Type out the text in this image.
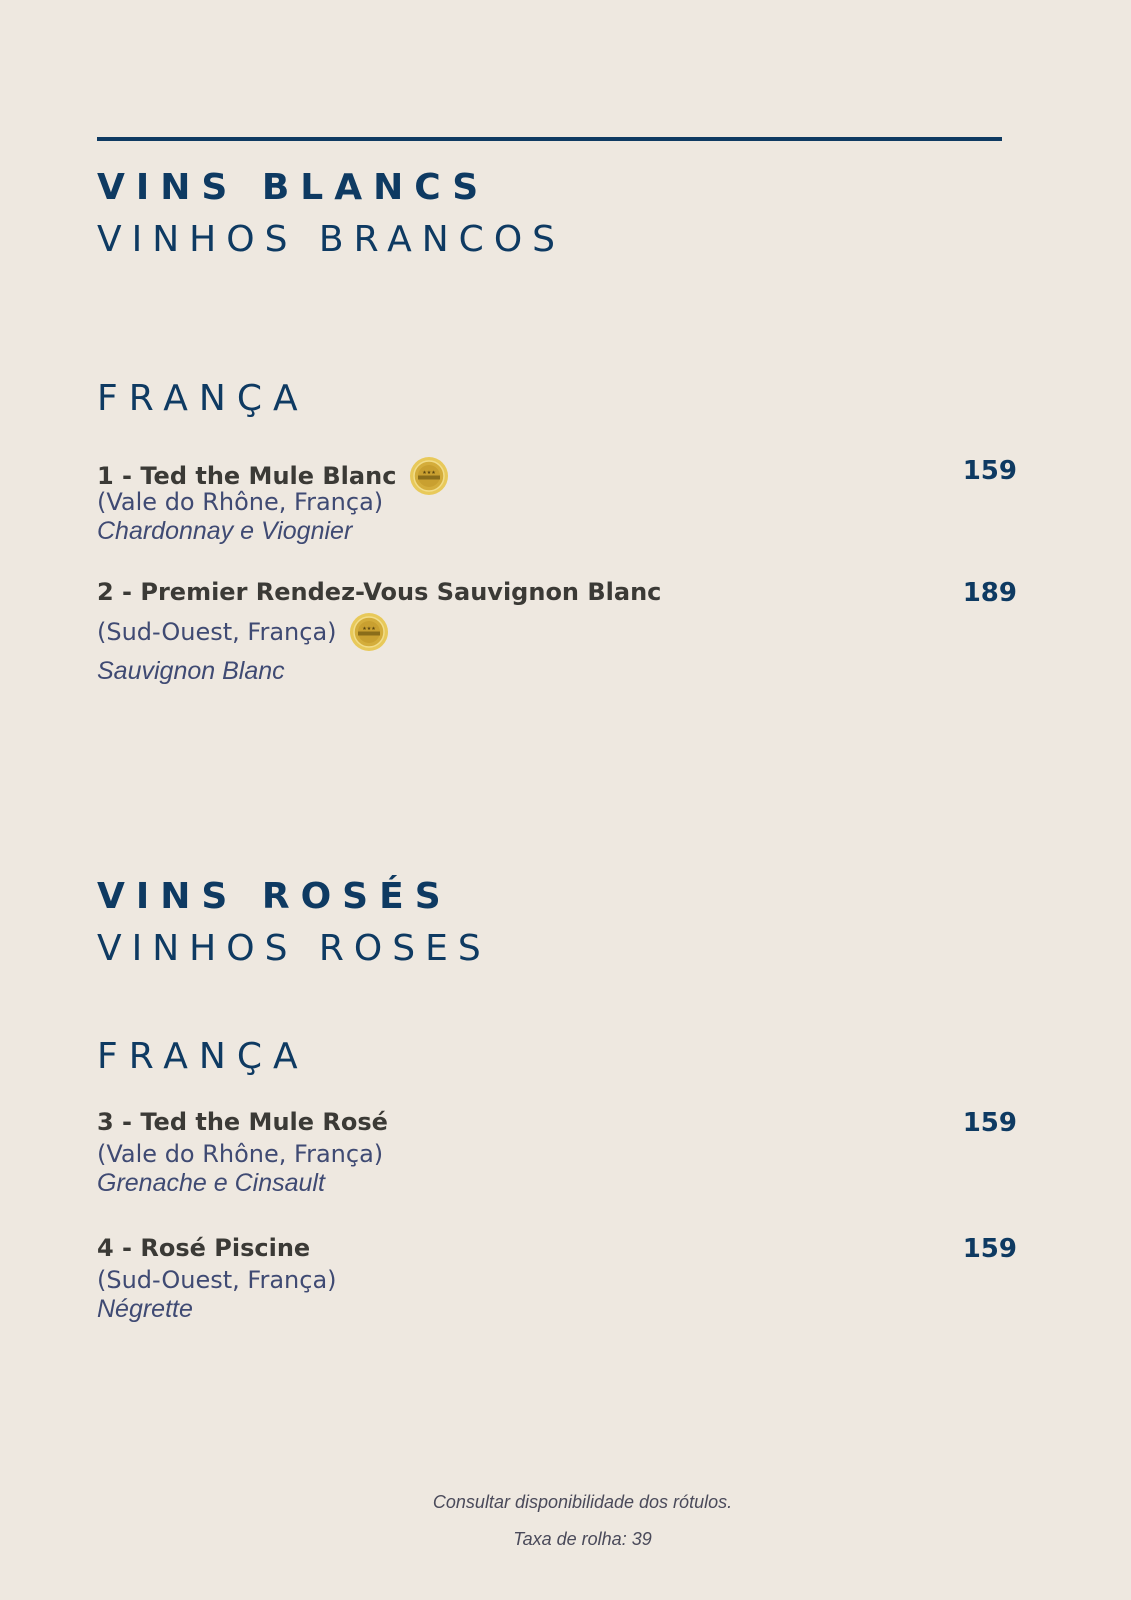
VINS BLANCS
VINHOS BRANCOS
FRANÇA
1 - Ted the Mule Blanc	★★★	159
(Vale do Rhône, França)
Chardonnay e Viognier
2 - Premier Rendez-Vous Sauvignon Blanc	189
(Sud-Ouest, França)	★★★
Sauvignon Blanc
VINS ROSÉS
VINHOS ROSES
FRANÇA
3 - Ted the Mule Rosé	159
(Vale do Rhône, França)
Grenache e Cinsault
4 - Rosé Piscine	159
(Sud-Ouest, França)
Négrette
Consultar disponibilidade dos rótulos.
Taxa de rolha: 39
